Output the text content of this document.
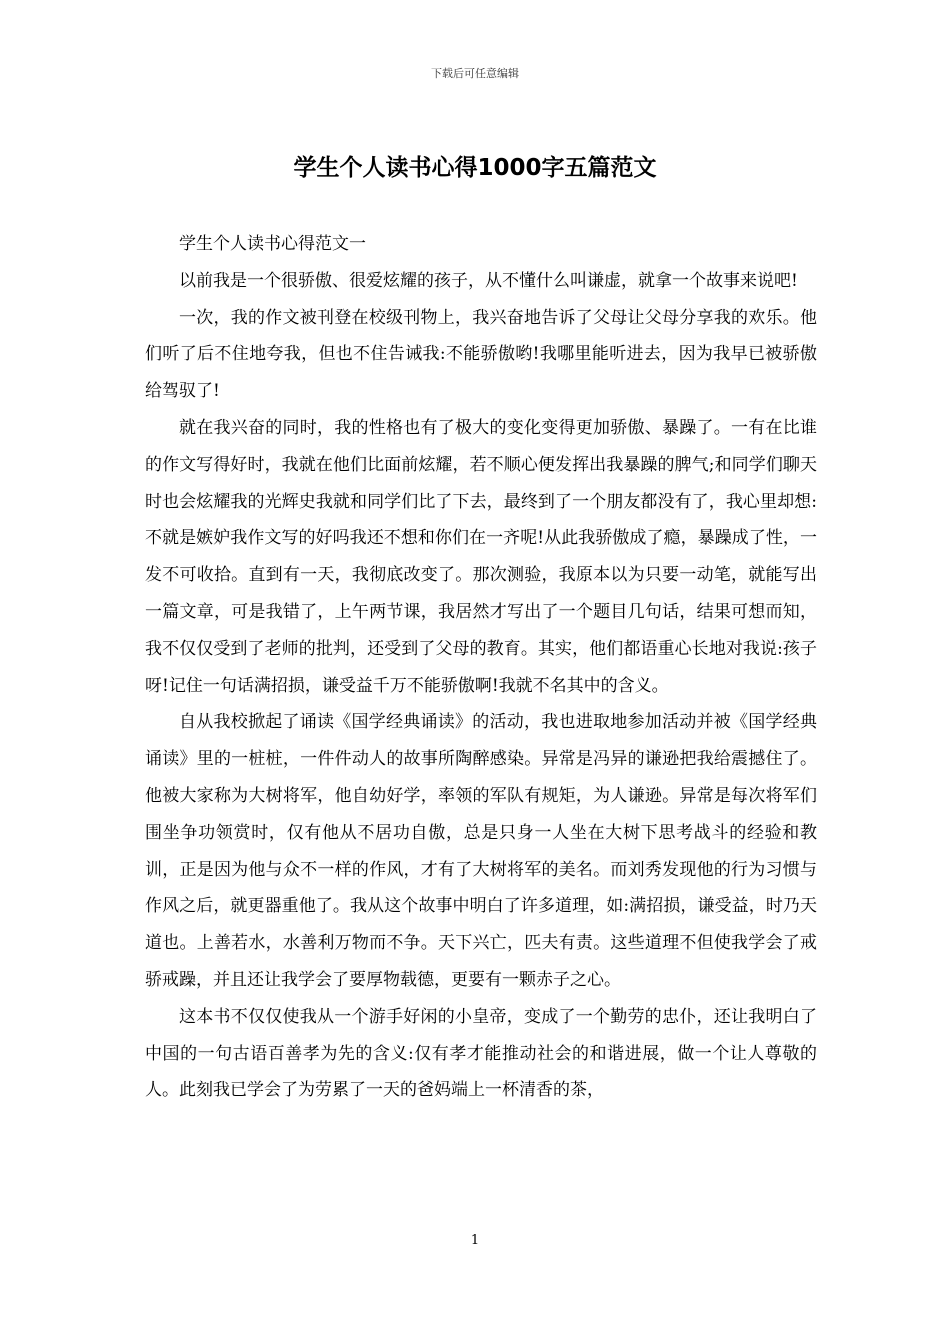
下载后可任意编辑
学生个人读书心得1000字五篇范文

学生个人读书心得范文一

以前我是一个很骄傲、很爱炫耀的孩子，从不懂什么叫谦虚，就拿一个故事来说吧!

一次，我的作文被刊登在校级刊物上，我兴奋地告诉了父母让父母分享我的欢乐。他们听了后不住地夸我，但也不住告诫我:不能骄傲哟!我哪里能听进去，因为我早已被骄傲给驾驭了!

就在我兴奋的同时，我的性格也有了极大的变化变得更加骄傲、暴躁了。一有在比谁的作文写得好时，我就在他们比面前炫耀，若不顺心便发挥出我暴躁的脾气;和同学们聊天时也会炫耀我的光辉史我就和同学们比了下去，最终到了一个朋友都没有了，我心里却想:不就是嫉妒我作文写的好吗我还不想和你们在一齐呢!从此我骄傲成了瘾，暴躁成了性，一发不可收拾。直到有一天，我彻底改变了。那次测验，我原本以为只要一动笔，就能写出一篇文章，可是我错了，上午两节课，我居然才写出了一个题目几句话，结果可想而知，我不仅仅受到了老师的批判，还受到了父母的教育。其实，他们都语重心长地对我说:孩子呀!记住一句话满招损，谦受益千万不能骄傲啊!我就不名其中的含义。

自从我校掀起了诵读《国学经典诵读》的活动，我也进取地参加活动并被《国学经典诵读》里的一桩桩，一件件动人的故事所陶醉感染。异常是冯异的谦逊把我给震撼住了。他被大家称为大树将军，他自幼好学，率领的军队有规矩，为人谦逊。异常是每次将军们围坐争功领赏时，仅有他从不居功自傲，总是只身一人坐在大树下思考战斗的经验和教训，正是因为他与众不一样的作风，才有了大树将军的美名。而刘秀发现他的行为习惯与作风之后，就更器重他了。我从这个故事中明白了许多道理，如:满招损，谦受益，时乃天道也。上善若水，水善利万物而不争。天下兴亡，匹夫有责。这些道理不但使我学会了戒骄戒躁，并且还让我学会了要厚物载德，更要有一颗赤子之心。

这本书不仅仅使我从一个游手好闲的小皇帝，变成了一个勤劳的忠仆，还让我明白了中国的一句古语百善孝为先的含义:仅有孝才能推动社会的和谐进展，做一个让人尊敬的人。此刻我已学会了为劳累了一天的爸妈端上一杯清香的茶，

1
